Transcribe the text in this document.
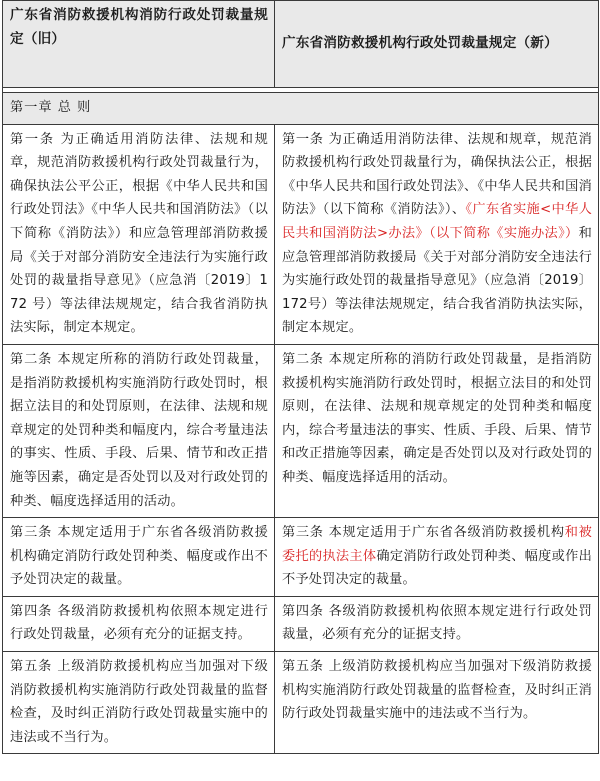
广东省消防救援机构消防行政处罚裁量规定（旧）	广东省消防救援机构行政处罚裁量规定（新）

第一章 总 则	
第一条 为正确适用消防法律、法规和规章，规范消防救援机构行政处罚裁量行为，确保执法公平公正，根据《中华人民共和国行政处罚法》《中华人民共和国消防法》（以下简称《消防法》）和应急管理部消防救援局《关于对部分消防安全违法行为实施行政处罚的裁量指导意见》（应急消〔2019〕172 号）等法律法规规定，结合我省消防执法实际，制定本规定。	第一条 为正确适用消防法律、法规和规章，规范消防救援机构行政处罚裁量行为，确保执法公正，根据《中华人民共和国行政处罚法》、《中华人民共和国消防法》（以下简称《消防法》）、《广东省实施<中华人民共和国消防法>办法》（以下简称《实施办法》）和应急管理部消防救援局《关于对部分消防安全违法行为实施行政处罚的裁量指导意见》（应急消〔2019〕172号）等法律法规规定，结合我省消防执法实际，制定本规定。
第二条 本规定所称的消防行政处罚裁量，是指消防救援机构实施消防行政处罚时，根据立法目的和处罚原则，在法律、法规和规章规定的处罚种类和幅度内，综合考量违法的事实、性质、手段、后果、情节和改正措施等因素，确定是否处罚以及对行政处罚的种类、幅度选择适用的活动。	第二条 本规定所称的消防行政处罚裁量，是指消防救援机构实施消防行政处罚时，根据立法目的和处罚原则，在法律、法规和规章规定的处罚种类和幅度内，综合考量违法的事实、性质、手段、后果、情节和改正措施等因素，确定是否处罚以及对行政处罚的种类、幅度选择适用的活动。
第三条 本规定适用于广东省各级消防救援机构确定消防行政处罚种类、幅度或作出不予处罚决定的裁量。	第三条 本规定适用于广东省各级消防救援机构和被委托的执法主体确定消防行政处罚种类、幅度或作出不予处罚决定的裁量。
第四条 各级消防救援机构依照本规定进行行政处罚裁量，必须有充分的证据支持。	第四条 各级消防救援机构依照本规定进行行政处罚裁量，必须有充分的证据支持。
第五条 上级消防救援机构应当加强对下级消防救援机构实施消防行政处罚裁量的监督检查，及时纠正消防行政处罚裁量实施中的违法或不当行为。	第五条 上级消防救援机构应当加强对下级消防救援机构实施消防行政处罚裁量的监督检查，及时纠正消防行政处罚裁量实施中的违法或不当行为。
